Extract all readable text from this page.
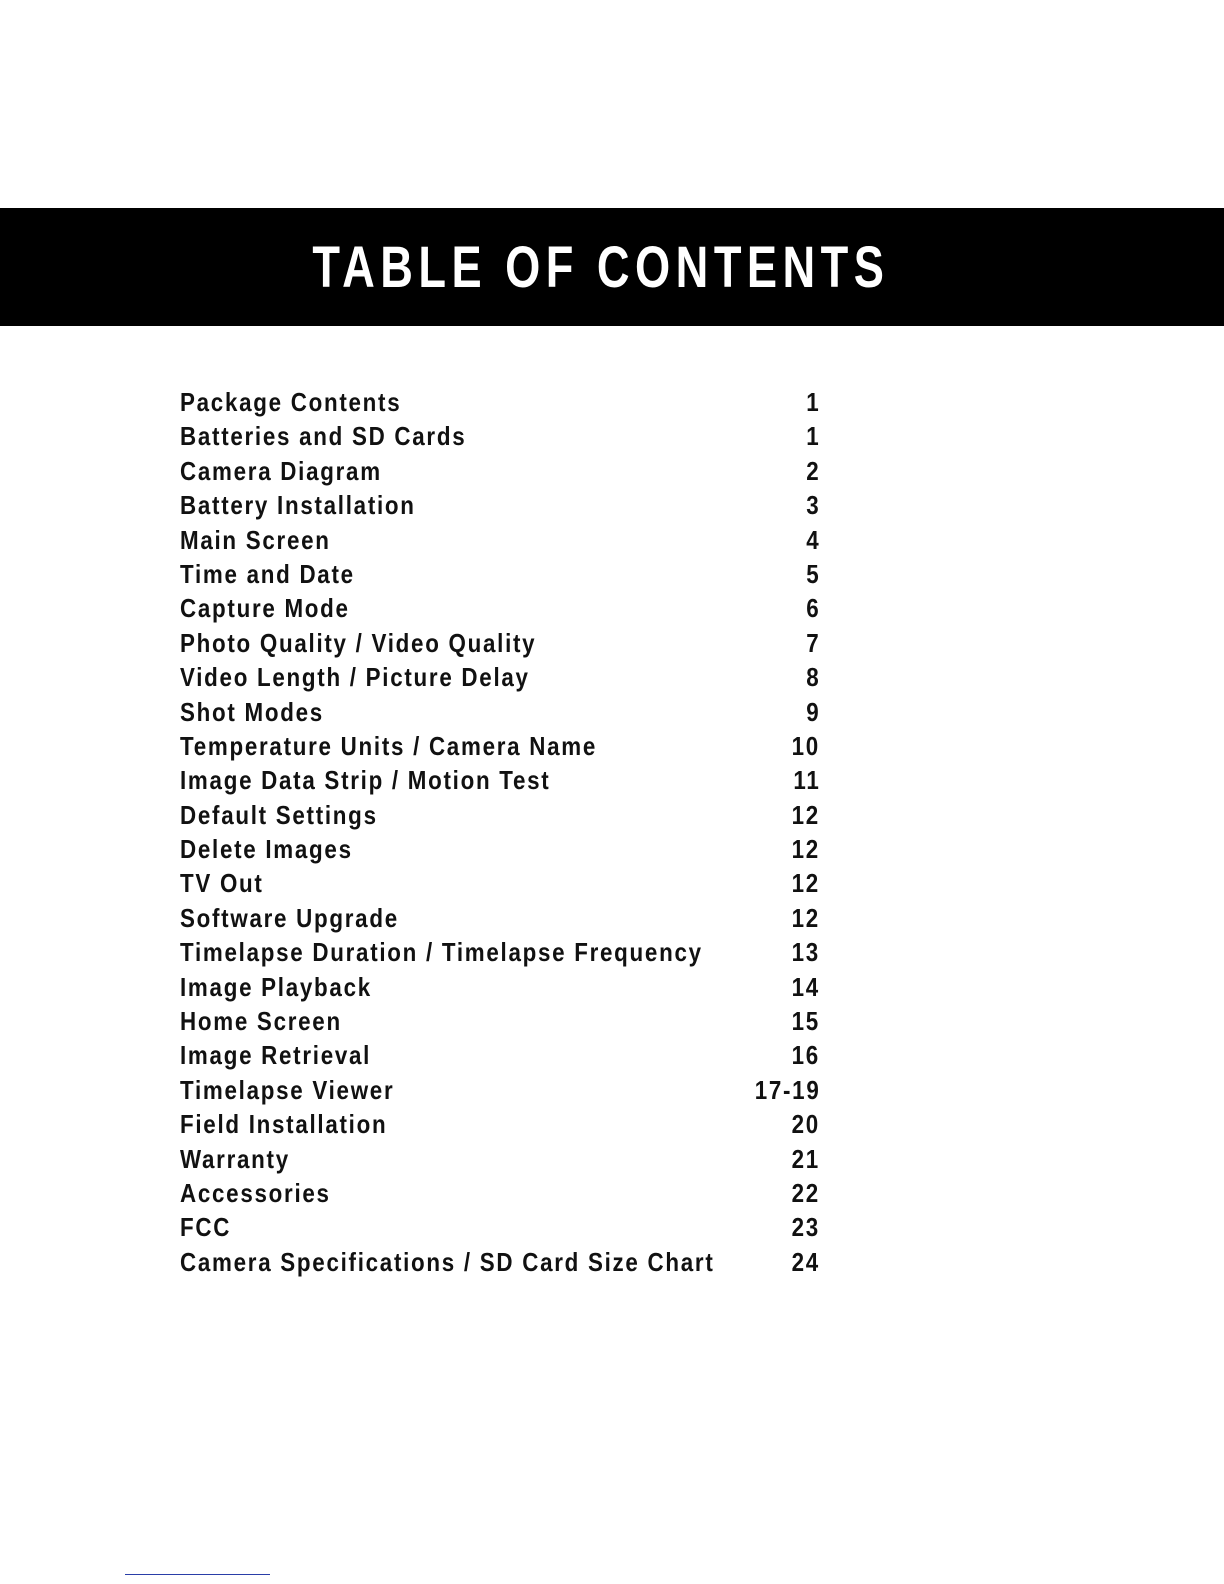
TABLE OF CONTENTS
Package Contents	1
Batteries and SD Cards	1
Camera Diagram	2
Battery Installation	3
Main Screen	4
Time and Date	5
Capture Mode	6
Photo Quality / Video Quality	7
Video Length / Picture Delay	8
Shot Modes	9
Temperature Units / Camera Name	10
Image Data Strip / Motion Test	11
Default Settings	12
Delete Images	12
TV Out	12
Software Upgrade	12
Timelapse Duration / Timelapse Frequency	13
Image Playback	14
Home Screen	15
Image Retrieval	16
Timelapse Viewer	17-19
Field Installation	20
Warranty	21
Accessories	22
FCC	23
Camera Specifications / SD Card Size Chart	24
